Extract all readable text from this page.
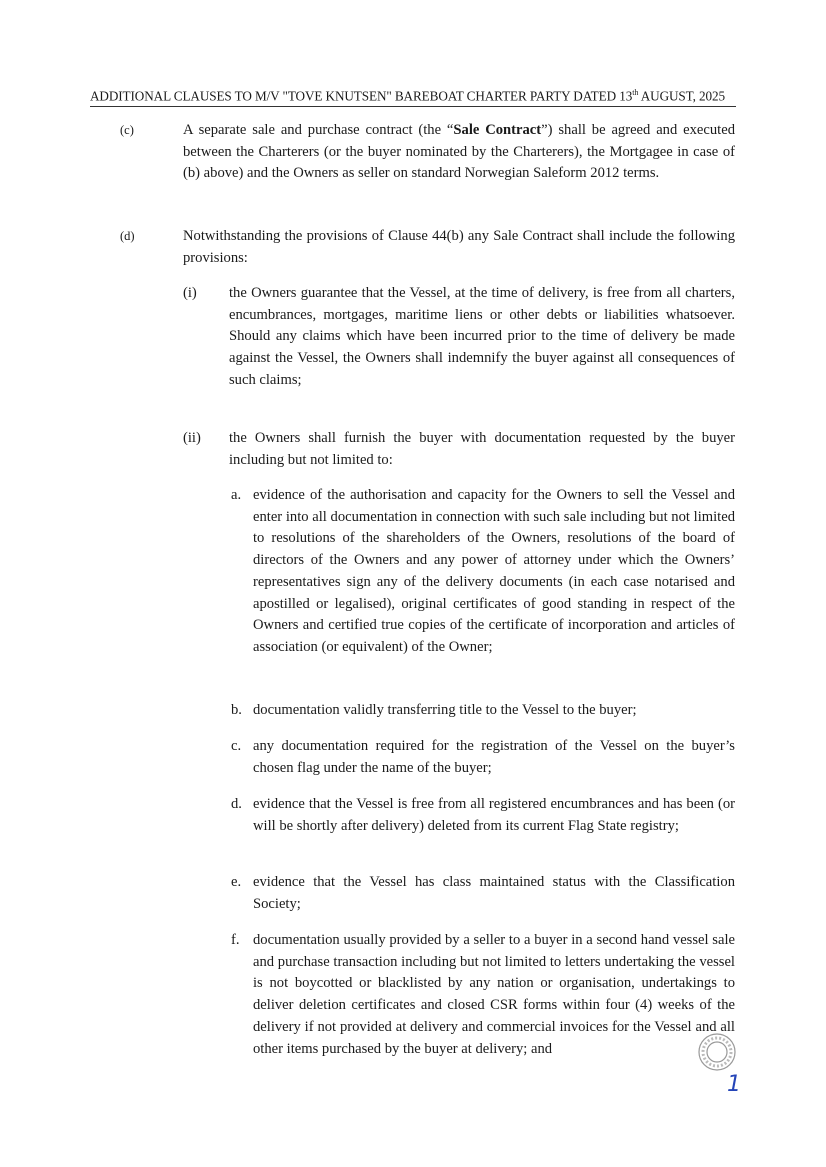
ADDITIONAL CLAUSES TO M/V "TOVE KNUTSEN" BAREBOAT CHARTER PARTY DATED 13th AUGUST, 2025
(c)	A separate sale and purchase contract (the “Sale Contract”) shall be agreed and executed between the Charterers (or the buyer nominated by the Charterers), the Mortgagee in case of (b) above) and the Owners as seller on standard Norwegian Saleform 2012 terms.
(d)	Notwithstanding the provisions of Clause 44(b) any Sale Contract shall include the following provisions:
(i) the Owners guarantee that the Vessel, at the time of delivery, is free from all charters, encumbrances, mortgages, maritime liens or other debts or liabilities whatsoever. Should any claims which have been incurred prior to the time of delivery be made against the Vessel, the Owners shall indemnify the buyer against all consequences of such claims;
(ii) the Owners shall furnish the buyer with documentation requested by the buyer including but not limited to:
a. evidence of the authorisation and capacity for the Owners to sell the Vessel and enter into all documentation in connection with such sale including but not limited to resolutions of the shareholders of the Owners, resolutions of the board of directors of the Owners and any power of attorney under which the Owners’ representatives sign any of the delivery documents (in each case notarised and apostilled or legalised), original certificates of good standing in respect of the Owners and certified true copies of the certificate of incorporation and articles of association (or equivalent) of the Owner;
b. documentation validly transferring title to the Vessel to the buyer;
c. any documentation required for the registration of the Vessel on the buyer’s chosen flag under the name of the buyer;
d. evidence that the Vessel is free from all registered encumbrances and has been (or will be shortly after delivery) deleted from its current Flag State registry;
e. evidence that the Vessel has class maintained status with the Classification Society;
f. documentation usually provided by a seller to a buyer in a second hand vessel sale and purchase transaction including but not limited to letters undertaking the vessel is not boycotted or blacklisted by any nation or organisation, undertakings to deliver deletion certificates and closed CSR forms within four (4) weeks of the delivery if not provided at delivery and commercial invoices for the Vessel and all other items purchased by the buyer at delivery; and
1
